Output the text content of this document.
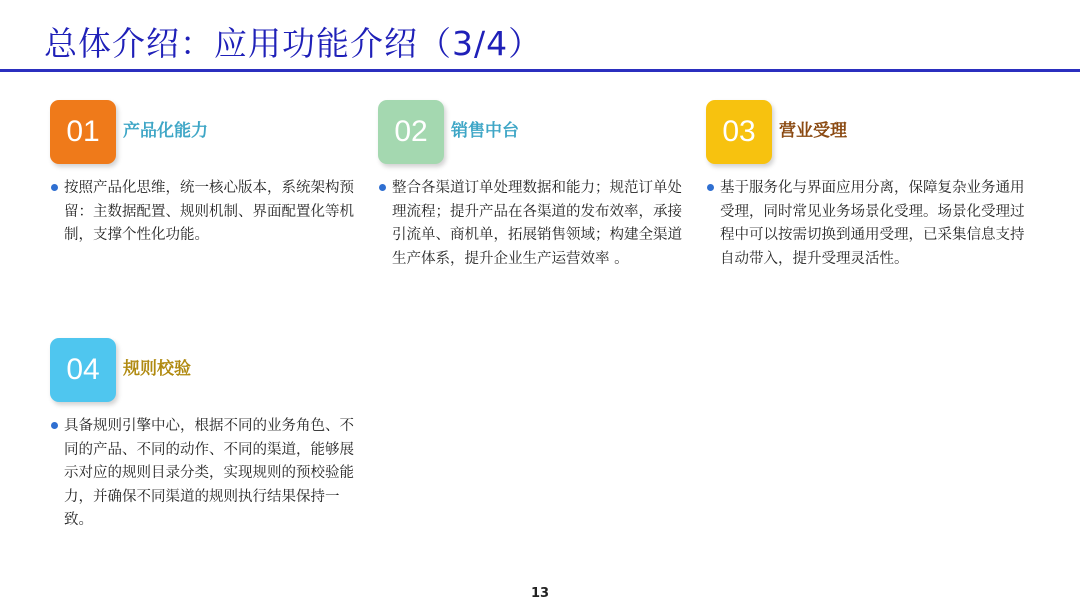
总体介绍：应用功能介绍（3/4）
01	产品化能力
按照产品化思维，统一核心版本，系统架构预留：主数据配置、规则机制、界面配置化等机制，支撑个性化功能。
02	销售中台
整合各渠道订单处理数据和能力；规范订单处理流程；提升产品在各渠道的发布效率，承接引流单、商机单，拓展销售领域；构建全渠道生产体系，提升企业生产运营效率 。
03	营业受理
基于服务化与界面应用分离，保障复杂业务通用受理，同时常见业务场景化受理。场景化受理过程中可以按需切换到通用受理，已采集信息支持自动带入，提升受理灵活性。
04	规则校验
具备规则引擎中心，根据不同的业务角色、不同的产品、不同的动作、不同的渠道，能够展示对应的规则目录分类，实现规则的预校验能力，并确保不同渠道的规则执行结果保持一致。
13
